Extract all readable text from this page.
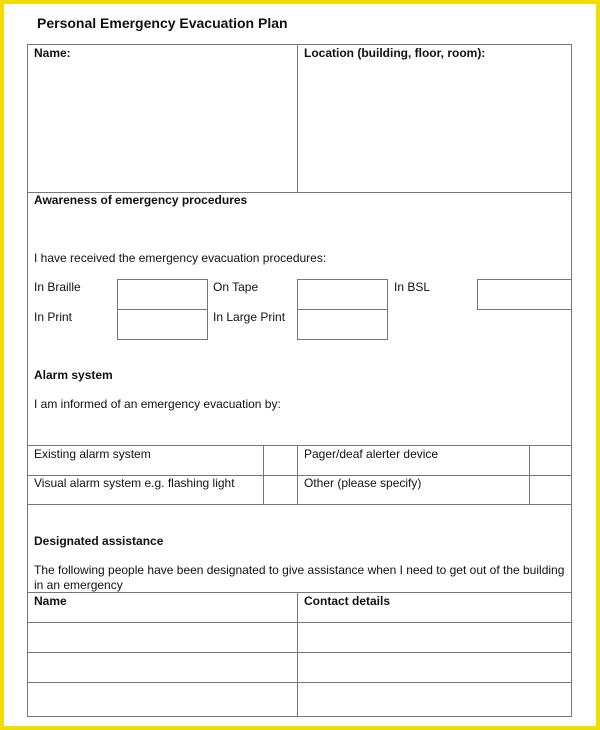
Personal Emergency Evacuation Plan
Name:	Location (building, floor, room):
Awareness of emergency procedures
I have received the emergency evacuation procedures:
In Braille	On Tape	In BSL
In Print	In Large Print
Alarm system
I am informed of an emergency evacuation by:
Existing alarm system	Pager/deaf alerter device
Visual alarm system e.g. flashing light	Other (please specify)
Designated assistance
The following people have been designated to give assistance when I need to get out of the building in an emergency
Name	Contact details
